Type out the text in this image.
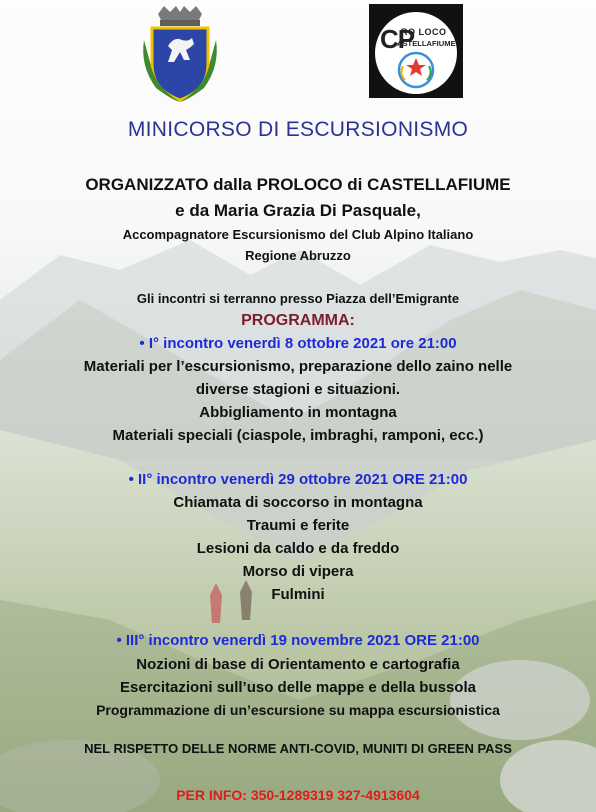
CP
RO LOCO
ASTELLAFIUME
MINICORSO DI ESCURSIONISMO
ORGANIZZATO dalla PROLOCO di CASTELLAFIUME
e da Maria Grazia Di Pasquale,
Accompagnatore Escursionismo del Club Alpino Italiano
Regione Abruzzo
Gli incontri si terranno presso Piazza dell’Emigrante
PROGRAMMA:
• I° incontro venerdì 8 ottobre 2021 ore 21:00
Materiali per l’escursionismo, preparazione dello zaino nelle
diverse stagioni e situazioni.
Abbigliamento in montagna
Materiali speciali (ciaspole, imbraghi, ramponi, ecc.)
• II° incontro venerdì 29 ottobre 2021 ORE 21:00
Chiamata di soccorso in montagna
Traumi e ferite
Lesioni da caldo e da freddo
Morso di vipera
Fulmini
• III° incontro venerdì 19 novembre 2021 ORE 21:00
Nozioni di base di Orientamento e cartografia
Esercitazioni sull’uso delle mappe e della bussola
Programmazione di un’escursione su mappa escursionistica
NEL RISPETTO DELLE NORME ANTI-COVID, MUNITI DI GREEN PASS
PER INFO: 350-1289319 327-4913604
